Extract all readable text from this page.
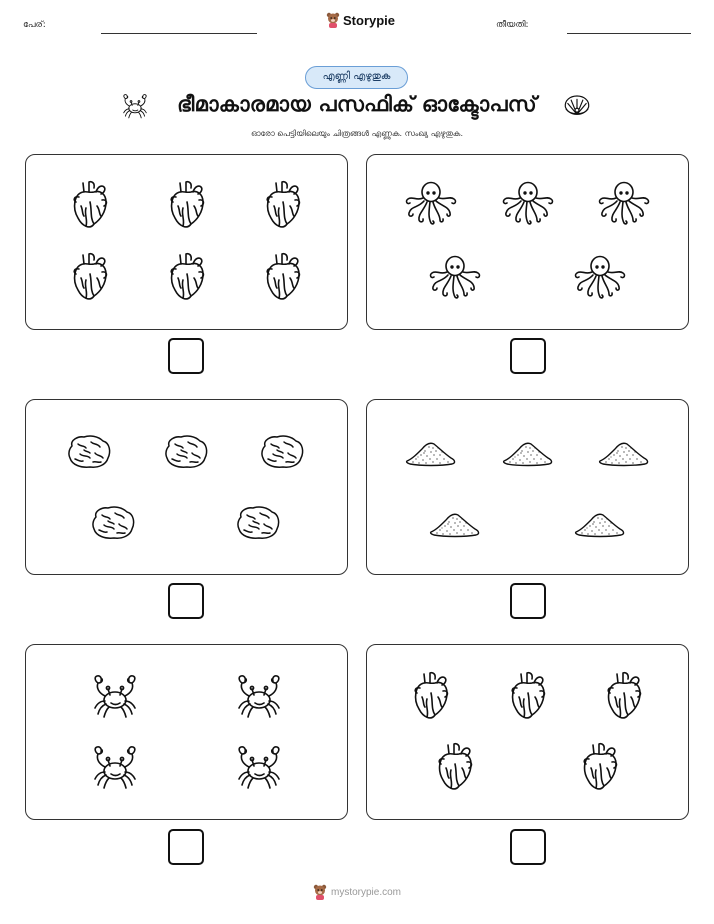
പേര്:	Storypie	തീയതി:
എണ്ണി എഴുതുക
ഭീമാകാരമായ പസഫിക് ഓക്ടോപസ്
ഓരോ പെട്ടിയിലെയും ചിത്രങ്ങൾ എണ്ണുക. സംഖ്യ എഴുതുക.
mystorypie.com
